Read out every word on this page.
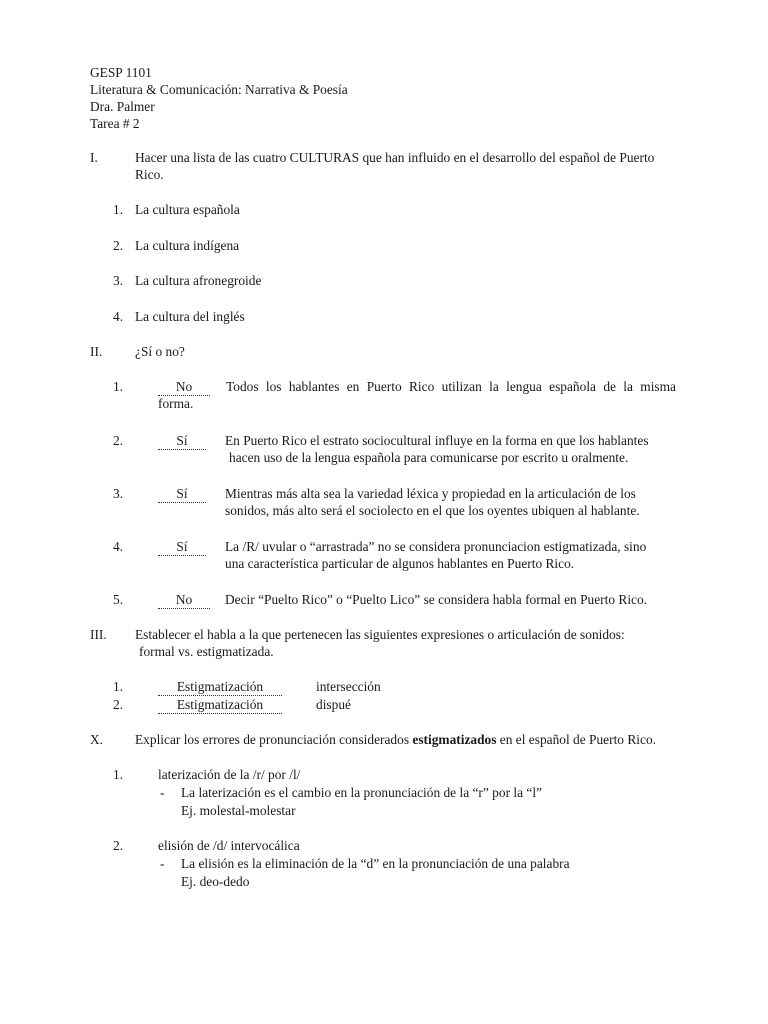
GESP 1101
Literatura & Comunicación: Narrativa & Poesía
Dra. Palmer
Tarea # 2
I.	Hacer una lista de las cuatro CULTURAS que han influido en el desarrollo del español de Puerto
Rico.
1. La cultura española
2. La cultura indígena
3. La cultura afronegroide
4. La cultura del inglés
II. ¿Sí o no?
1.	No	Todos los hablantes en Puerto Rico utilizan la lengua española de la misma
forma.
2.	Sí	En Puerto Rico el estrato sociocultural influye en la forma en que los hablantes
hacen uso de la lengua española para comunicarse por escrito u oralmente.
3.	Sí	Mientras más alta sea la variedad léxica y propiedad en la articulación de los
sonidos, más alto será el sociolecto en el que los oyentes ubiquen al hablante.
4.	Sí	La /R/ uvular o “arrastrada” no se considera pronunciacion estigmatizada, sino
una característica particular de algunos hablantes en Puerto Rico.
5.	No	Decir “Puelto Rico” o “Puelto Lico” se considera habla formal en Puerto Rico.
III. Establecer el habla a la que pertenecen las siguientes expresiones o articulación de sonidos:
formal vs. estigmatizada.
1.	Estigmatización	intersección
2.	Estigmatización	dispué
X. Explicar los errores de pronunciación considerados estigmatizados en el español de Puerto Rico.
1.	laterización de la /r/ por /l/
- La laterización es el cambio en la pronunciación de la “r” por la “l”
Ej. molestal-molestar
2.	elisión de /d/ intervocálica
- La elisión es la eliminación de la “d” en la pronunciación de una palabra
Ej. deo-dedo
